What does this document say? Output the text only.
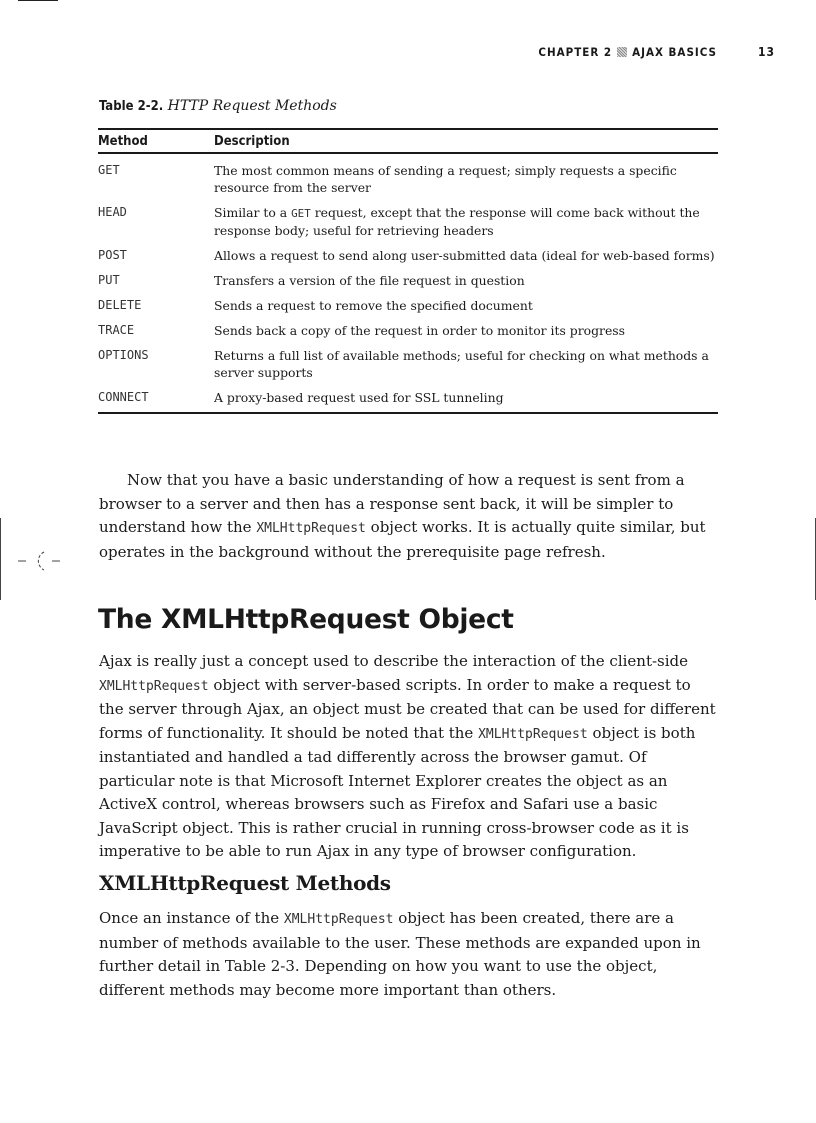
CHAPTER 2 AJAX BASICS	13
Table 2-2. HTTP Request Methods
Method	Description
GET	The most common means of sending a request; simply requests a specific resource from the server
HEAD	Similar to a GET request, except that the response will come back without the response body; useful for retrieving headers
POST	Allows a request to send along user-submitted data (ideal for web-based forms)
PUT	Transfers a version of the file request in question
DELETE	Sends a request to remove the specified document
TRACE	Sends back a copy of the request in order to monitor its progress
OPTIONS	Returns a full list of available methods; useful for checking on what methods a server supports
CONNECT	A proxy-based request used for SSL tunneling

Now that you have a basic understanding of how a request is sent from a browser to a server and then has a response sent back, it will be simpler to understand how the XMLHttpRequest object works. It is actually quite similar, but operates in the background without the prerequisite page refresh.

The XMLHttpRequest Object

Ajax is really just a concept used to describe the interaction of the client-side XMLHttpRequest object with server-based scripts. In order to make a request to the server through Ajax, an object must be created that can be used for different forms of functionality. It should be noted that the XMLHttpRequest object is both instantiated and handled a tad differently across the browser gamut. Of particular note is that Microsoft Internet Explorer creates the object as an ActiveX control, whereas browsers such as Firefox and Safari use a basic JavaScript object. This is rather crucial in running cross-browser code as it is imperative to be able to run Ajax in any type of browser configuration.

XMLHttpRequest Methods

Once an instance of the XMLHttpRequest object has been created, there are a number of methods available to the user. These methods are expanded upon in further detail in Table 2-3. Depending on how you want to use the object, different methods may become more important than others.
